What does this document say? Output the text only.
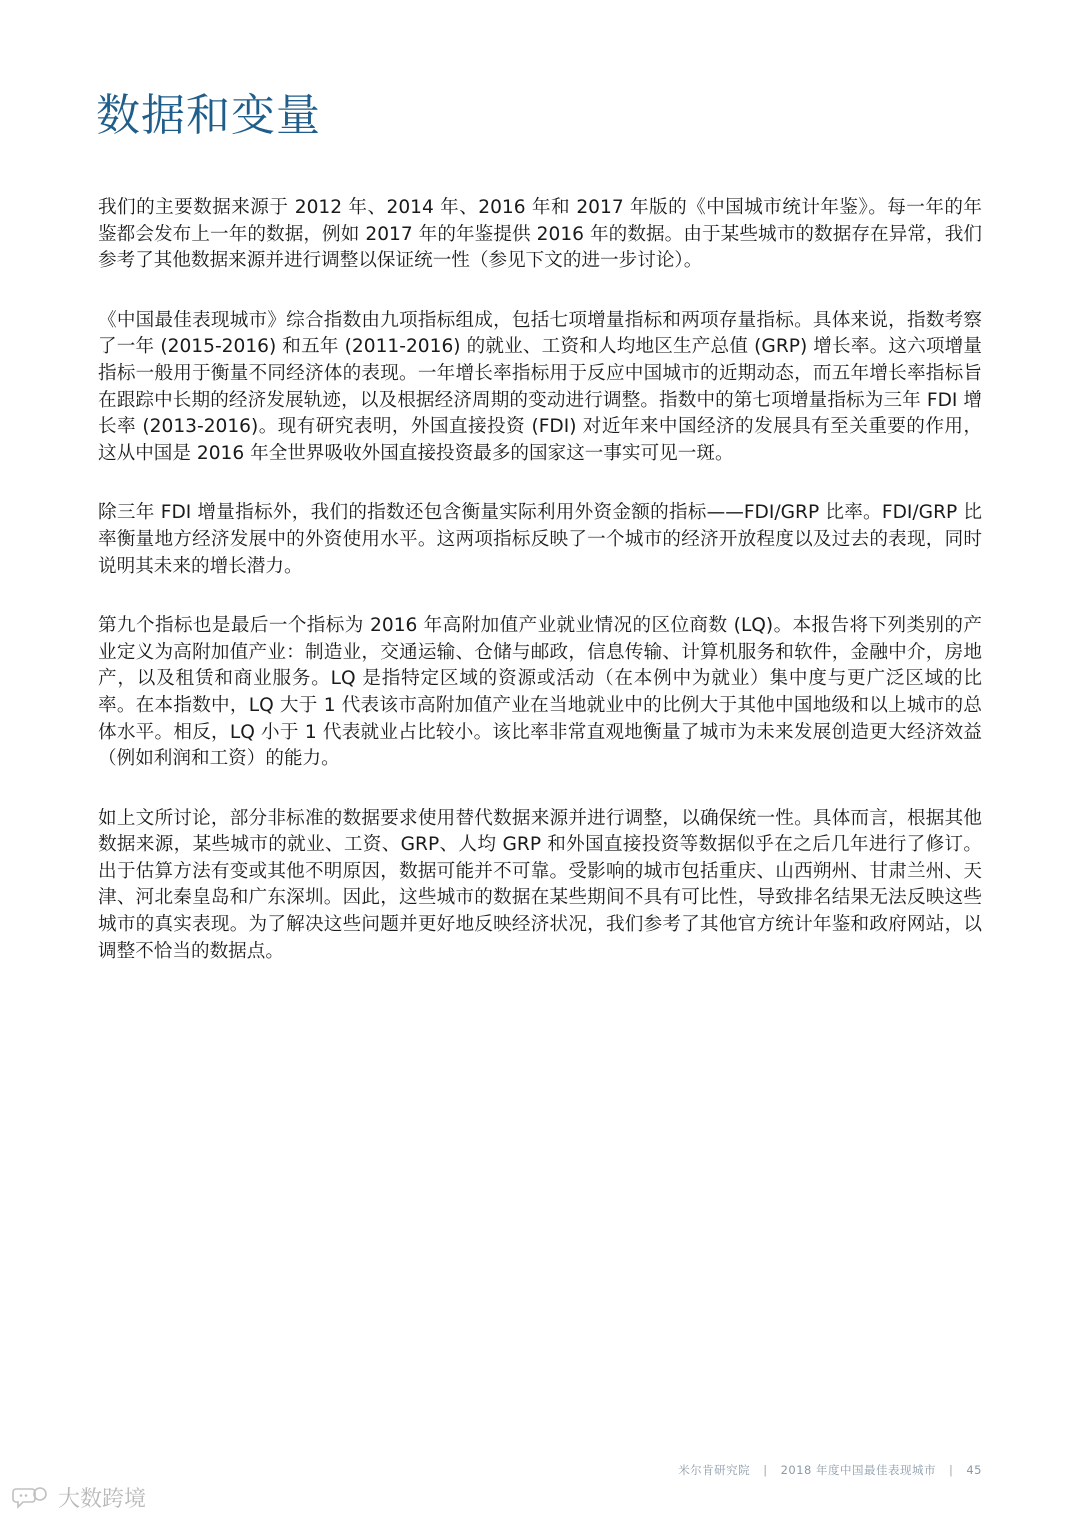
数据和变量

我们的主要数据来源于 2012 年、2014 年、2016 年和 2017 年版的《中国城市统计年鉴》。每一年的年鉴都会发布上一年的数据，例如 2017 年的年鉴提供 2016 年的数据。由于某些城市的数据存在异常，我们参考了其他数据来源并进行调整以保证统一性（参见下文的进一步讨论）。

《中国最佳表现城市》综合指数由九项指标组成，包括七项增量指标和两项存量指标。具体来说，指数考察了一年 (2015-2016) 和五年 (2011-2016) 的就业、工资和人均地区生产总值 (GRP) 增长率。这六项增量指标一般用于衡量不同经济体的表现。一年增长率指标用于反应中国城市的近期动态，而五年增长率指标旨在跟踪中长期的经济发展轨迹，以及根据经济周期的变动进行调整。指数中的第七项增量指标为三年 FDI 增长率 (2013-2016)。现有研究表明，外国直接投资 (FDI) 对近年来中国经济的发展具有至关重要的作用，这从中国是 2016 年全世界吸收外国直接投资最多的国家这一事实可见一斑。

除三年 FDI 增量指标外，我们的指数还包含衡量实际利用外资金额的指标——FDI/GRP 比率。FDI/GRP 比率衡量地方经济发展中的外资使用水平。这两项指标反映了一个城市的经济开放程度以及过去的表现，同时说明其未来的增长潜力。

第九个指标也是最后一个指标为 2016 年高附加值产业就业情况的区位商数 (LQ)。本报告将下列类别的产业定义为高附加值产业：制造业，交通运输、仓储与邮政，信息传输、计算机服务和软件，金融中介，房地产，以及租赁和商业服务。LQ 是指特定区域的资源或活动（在本例中为就业）集中度与更广泛区域的比率。在本指数中，LQ 大于 1 代表该市高附加值产业在当地就业中的比例大于其他中国地级和以上城市的总体水平。相反，LQ 小于 1 代表就业占比较小。该比率非常直观地衡量了城市为未来发展创造更大经济效益（例如利润和工资）的能力。

如上文所讨论，部分非标准的数据要求使用替代数据来源并进行调整，以确保统一性。具体而言，根据其他数据来源，某些城市的就业、工资、GRP、人均 GRP 和外国直接投资等数据似乎在之后几年进行了修订。出于估算方法有变或其他不明原因，数据可能并不可靠。受影响的城市包括重庆、山西朔州、甘肃兰州、天津、河北秦皇岛和广东深圳。因此，这些城市的数据在某些期间不具有可比性，导致排名结果无法反映这些城市的真实表现。为了解决这些问题并更好地反映经济状况，我们参考了其他官方统计年鉴和政府网站，以调整不恰当的数据点。

米尔肯研究院 | 2018 年度中国最佳表现城市 | 45
大数跨境
